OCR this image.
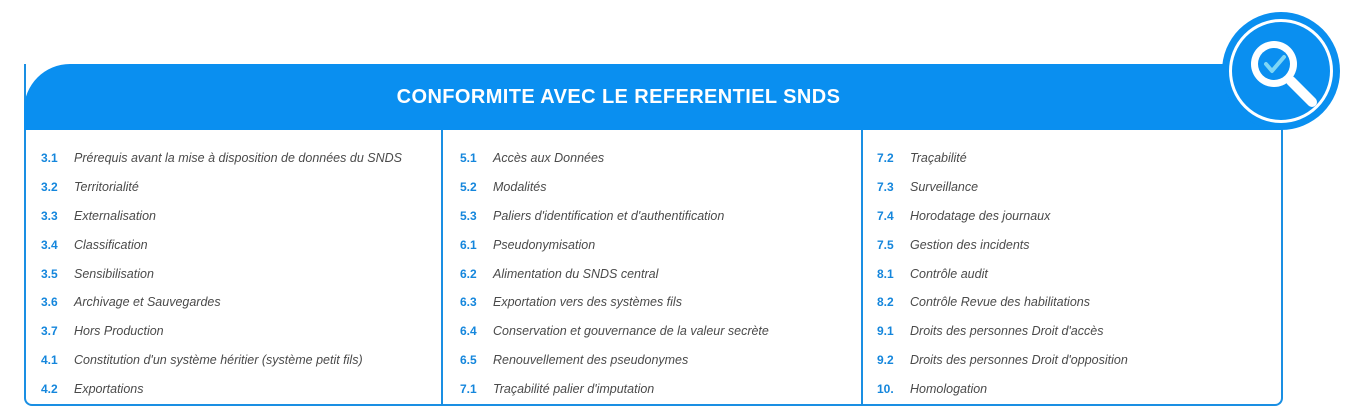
CONFORMITE AVEC LE REFERENTIEL SNDS
3.1	Prérequis avant la mise à disposition de données du SNDS
3.2	Territorialité
3.3	Externalisation
3.4	Classification
3.5	Sensibilisation
3.6	Archivage et Sauvegardes
3.7	Hors Production
4.1	Constitution d'un système héritier (système petit fils)
4.2	Exportations
5.1	Accès aux Données
5.2	Modalités
5.3	Paliers d'identification et d'authentification
6.1	Pseudonymisation
6.2	Alimentation du SNDS central
6.3	Exportation vers des systèmes fils
6.4	Conservation et gouvernance de la valeur secrète
6.5	Renouvellement des pseudonymes
7.1	Traçabilité palier d'imputation
7.2	Traçabilité
7.3	Surveillance
7.4	Horodatage des journaux
7.5	Gestion des incidents
8.1	Contrôle audit
8.2	Contrôle Revue des habilitations
9.1	Droits des personnes Droit d'accès
9.2	Droits des personnes Droit d'opposition
10.	Homologation
